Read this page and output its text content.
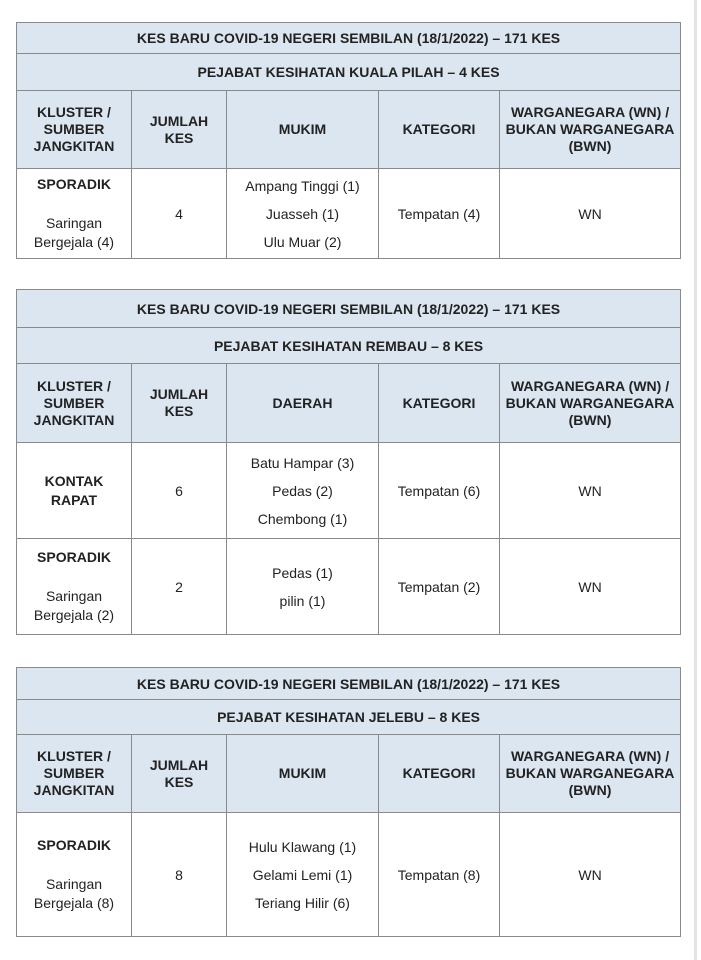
KES BARU COVID-19 NEGERI SEMBILAN (18/1/2022) – 171 KES				
PEJABAT KESIHATAN KUALA PILAH – 4 KES				
KLUSTER / SUMBER JANGKITAN	JUMLAH KES	MUKIM	KATEGORI	WARGANEGARA (WN) / BUKAN WARGANEGARA (BWN)

SPORADIK
Saringan Bergejala (4)	4	Ampang Tinggi (1)
Juasseh (1)
Ulu Muar (2)	Tempatan (4)	WN
KES BARU COVID-19 NEGERI SEMBILAN (18/1/2022) – 171 KES				
PEJABAT KESIHATAN REMBAU – 8 KES				
KLUSTER / SUMBER JANGKITAN	JUMLAH KES	DAERAH	KATEGORI	WARGANEGARA (WN) / BUKAN WARGANEGARA (BWN)

KONTAK RAPAT	6	Batu Hampar (3)
Pedas (2)
Chembong (1)	Tempatan (6)	WN

SPORADIK
Saringan Bergejala (2)	2	Pedas (1)
pilin (1)	Tempatan (2)	WN
KES BARU COVID-19 NEGERI SEMBILAN (18/1/2022) – 171 KES				
PEJABAT KESIHATAN JELEBU – 8 KES				
KLUSTER / SUMBER JANGKITAN	JUMLAH KES	MUKIM	KATEGORI	WARGANEGARA (WN) / BUKAN WARGANEGARA (BWN)

SPORADIK
Saringan Bergejala (8)	8	Hulu Klawang (1)
Gelami Lemi (1)
Teriang Hilir (6)	Tempatan (8)	WN
